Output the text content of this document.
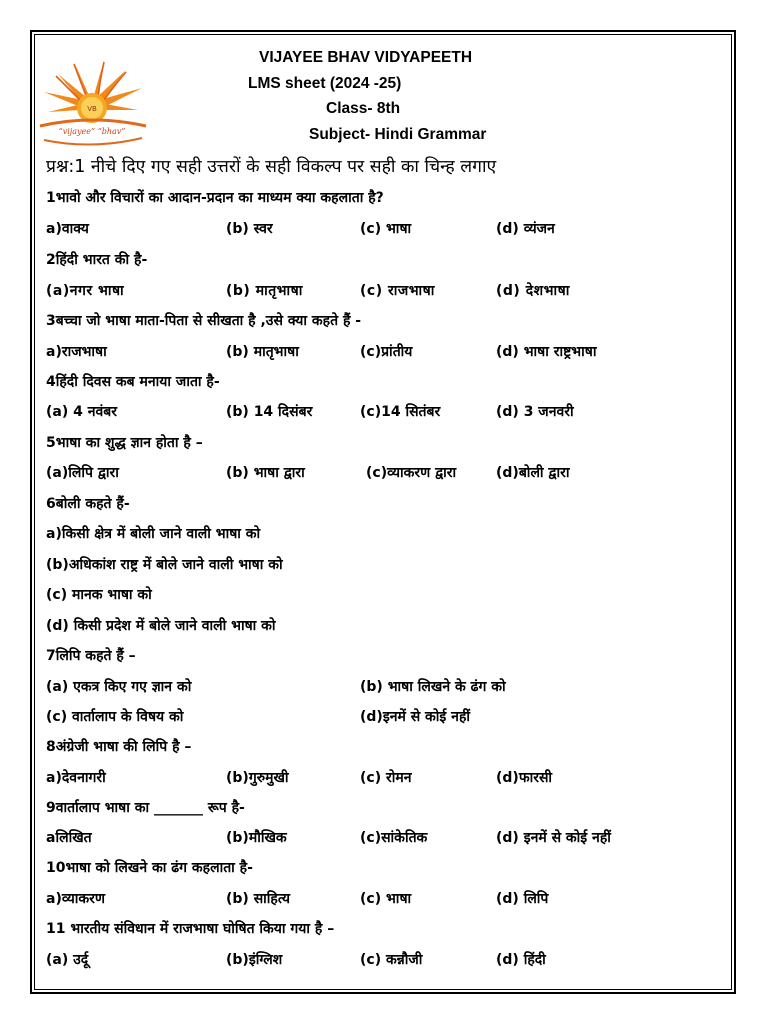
VB
“vijayee” “bhav”
VIJAYEE BHAV VIDYAPEETH
LMS sheet (2024 -25)
Class- 8th
Subject- Hindi Grammar
प्रश्न:1 नीचे दिए गए सही उत्तरों के सही विकल्प पर सही का चिन्ह लगाए
1भावो और विचारों का आदान-प्रदान का माध्यम क्या कहलाता है?
a)वाक्य	(b) स्वर	(c) भाषा	(d) व्यंजन
2हिंदी भारत की है-
(a)नगर भाषा	(b) मातृभाषा	(c) राजभाषा	(d) देशभाषा
3बच्चा जो भाषा माता-पिता से सीखता है ,उसे क्या कहते हैं -
a)राजभाषा	(b) मातृभाषा	(c)प्रांतीय	(d) भाषा राष्ट्रभाषा
4हिंदी दिवस कब मनाया जाता है-
(a) 4 नवंबर	(b) 14 दिसंबर	(c)14 सितंबर	(d) 3 जनवरी
5भाषा का शुद्ध ज्ञान होता है –
(a)लिपि द्वारा	(b) भाषा द्वारा	(c)व्याकरण द्वारा	(d)बोली द्वारा
6बोली कहते हैं-
a)किसी क्षेत्र में बोली जाने वाली भाषा को
(b)अधिकांश राष्ट्र में बोले जाने वाली भाषा को
(c) मानक भाषा को
(d) किसी प्रदेश में बोले जाने वाली भाषा को
7लिपि कहते हैं –
(a) एकत्र किए गए ज्ञान को	(b) भाषा लिखने के ढंग को
(c) वार्तालाप के विषय को	(d)इनमें से कोई नहीं
8अंग्रेजी भाषा की लिपि है –
a)देवनागरी	(b)गुरुमुखी	(c) रोमन	(d)फारसी
9वार्तालाप भाषा का _______ रूप है-
aलिखित	(b)मौखिक	(c)सांकेतिक	(d) इनमें से कोई नहीं
10भाषा को लिखने का ढंग कहलाता है-
a)व्याकरण	(b) साहित्य	(c) भाषा	(d) लिपि
11 भारतीय संविधान में राजभाषा घोषित किया गया है –
(a) उर्दू	(b)इंग्लिश	(c) कन्नौजी	(d) हिंदी
